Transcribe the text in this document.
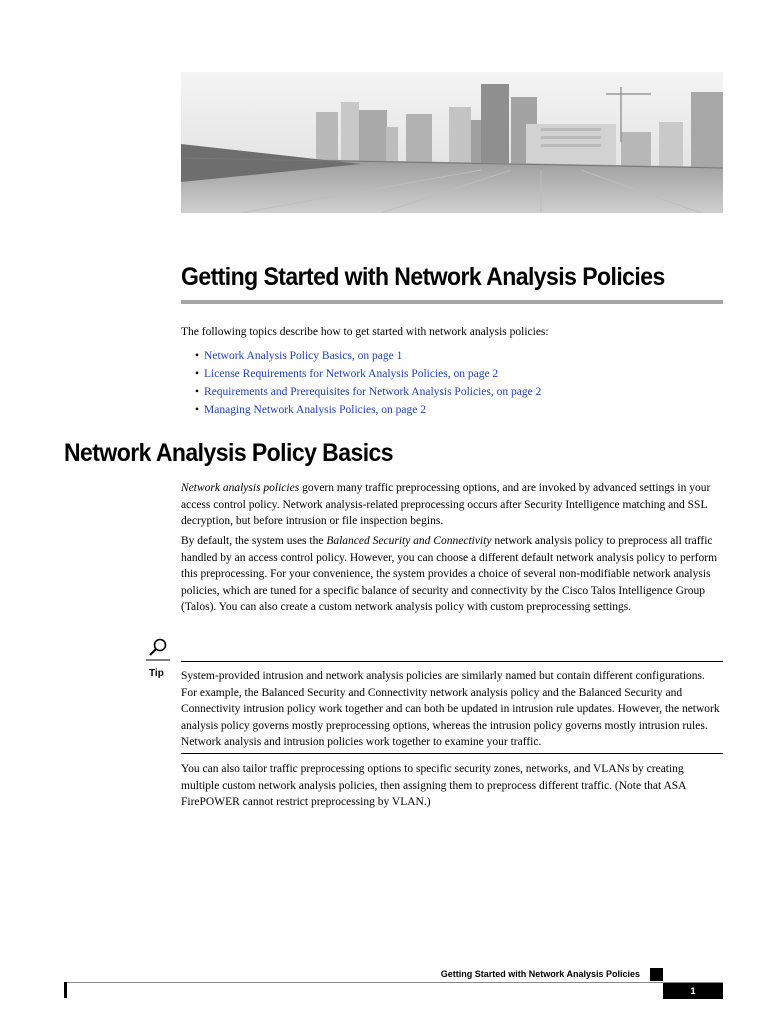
Getting Started with Network Analysis Policies

The following topics describe how to get started with network analysis policies:

• Network Analysis Policy Basics, on page 1
• License Requirements for Network Analysis Policies, on page 2
• Requirements and Prerequisites for Network Analysis Policies, on page 2
• Managing Network Analysis Policies, on page 2
Network Analysis Policy Basics

Network analysis policies govern many traffic preprocessing options, and are invoked by advanced settings in your access control policy. Network analysis-related preprocessing occurs after Security Intelligence matching and SSL decryption, but before intrusion or file inspection begins.

By default, the system uses the Balanced Security and Connectivity network analysis policy to preprocess all traffic handled by an access control policy. However, you can choose a different default network analysis policy to perform this preprocessing. For your convenience, the system provides a choice of several non-modifiable network analysis policies, which are tuned for a specific balance of security and connectivity by the Cisco Talos Intelligence Group (Talos). You can also create a custom network analysis policy with custom preprocessing settings.

Tip System-provided intrusion and network analysis policies are similarly named but contain different configurations. For example, the Balanced Security and Connectivity network analysis policy and the Balanced Security and Connectivity intrusion policy work together and can both be updated in intrusion rule updates. However, the network analysis policy governs mostly preprocessing options, whereas the intrusion policy governs mostly intrusion rules. Network analysis and intrusion policies work together to examine your traffic.

You can also tailor traffic preprocessing options to specific security zones, networks, and VLANs by creating multiple custom network analysis policies, then assigning them to preprocess different traffic. (Note that ASA FirePOWER cannot restrict preprocessing by VLAN.)

Getting Started with Network Analysis Policies
1
